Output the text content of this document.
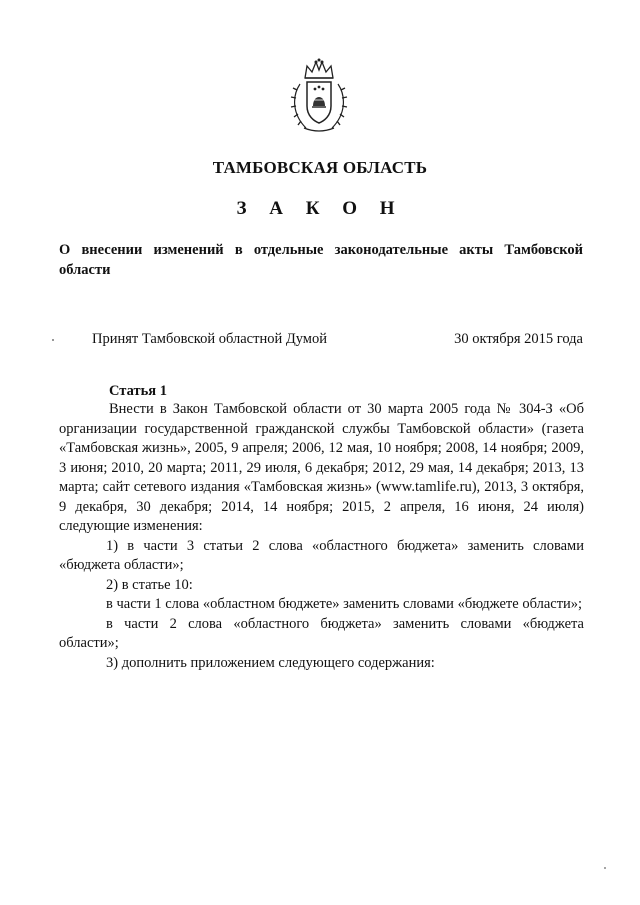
ТАМБОВСКАЯ ОБЛАСТЬ
З А К О Н
О внесении изменений в отдельные законодательные акты Тамбовской области
Принят Тамбовской областной Думой	30 октября 2015 года
Статья 1

Внести в Закон Тамбовской области от 30 марта 2005 года № 304-З «Об организации государственной гражданской службы Тамбовской области» (газета «Тамбовская жизнь», 2005, 9 апреля; 2006, 12 мая, 10 ноября; 2008, 14 ноября; 2009, 3 июня; 2010, 20 марта; 2011, 29 июля, 6 декабря; 2012, 29 мая, 14 декабря; 2013, 13 марта; сайт сетевого издания «Тамбовская жизнь» (www.tamlife.ru), 2013, 3 октября, 9 декабря, 30 декабря; 2014, 14 ноября; 2015, 2 апреля, 16 июня, 24 июля) следующие изменения:

1) в части 3 статьи 2 слова «областного бюджета» заменить словами «бюджета области»;

2) в статье 10:

в части 1 слова «областном бюджете» заменить словами «бюджете области»;

в части 2 слова «областного бюджета» заменить словами «бюджета области»;

3) дополнить приложением следующего содержания:
